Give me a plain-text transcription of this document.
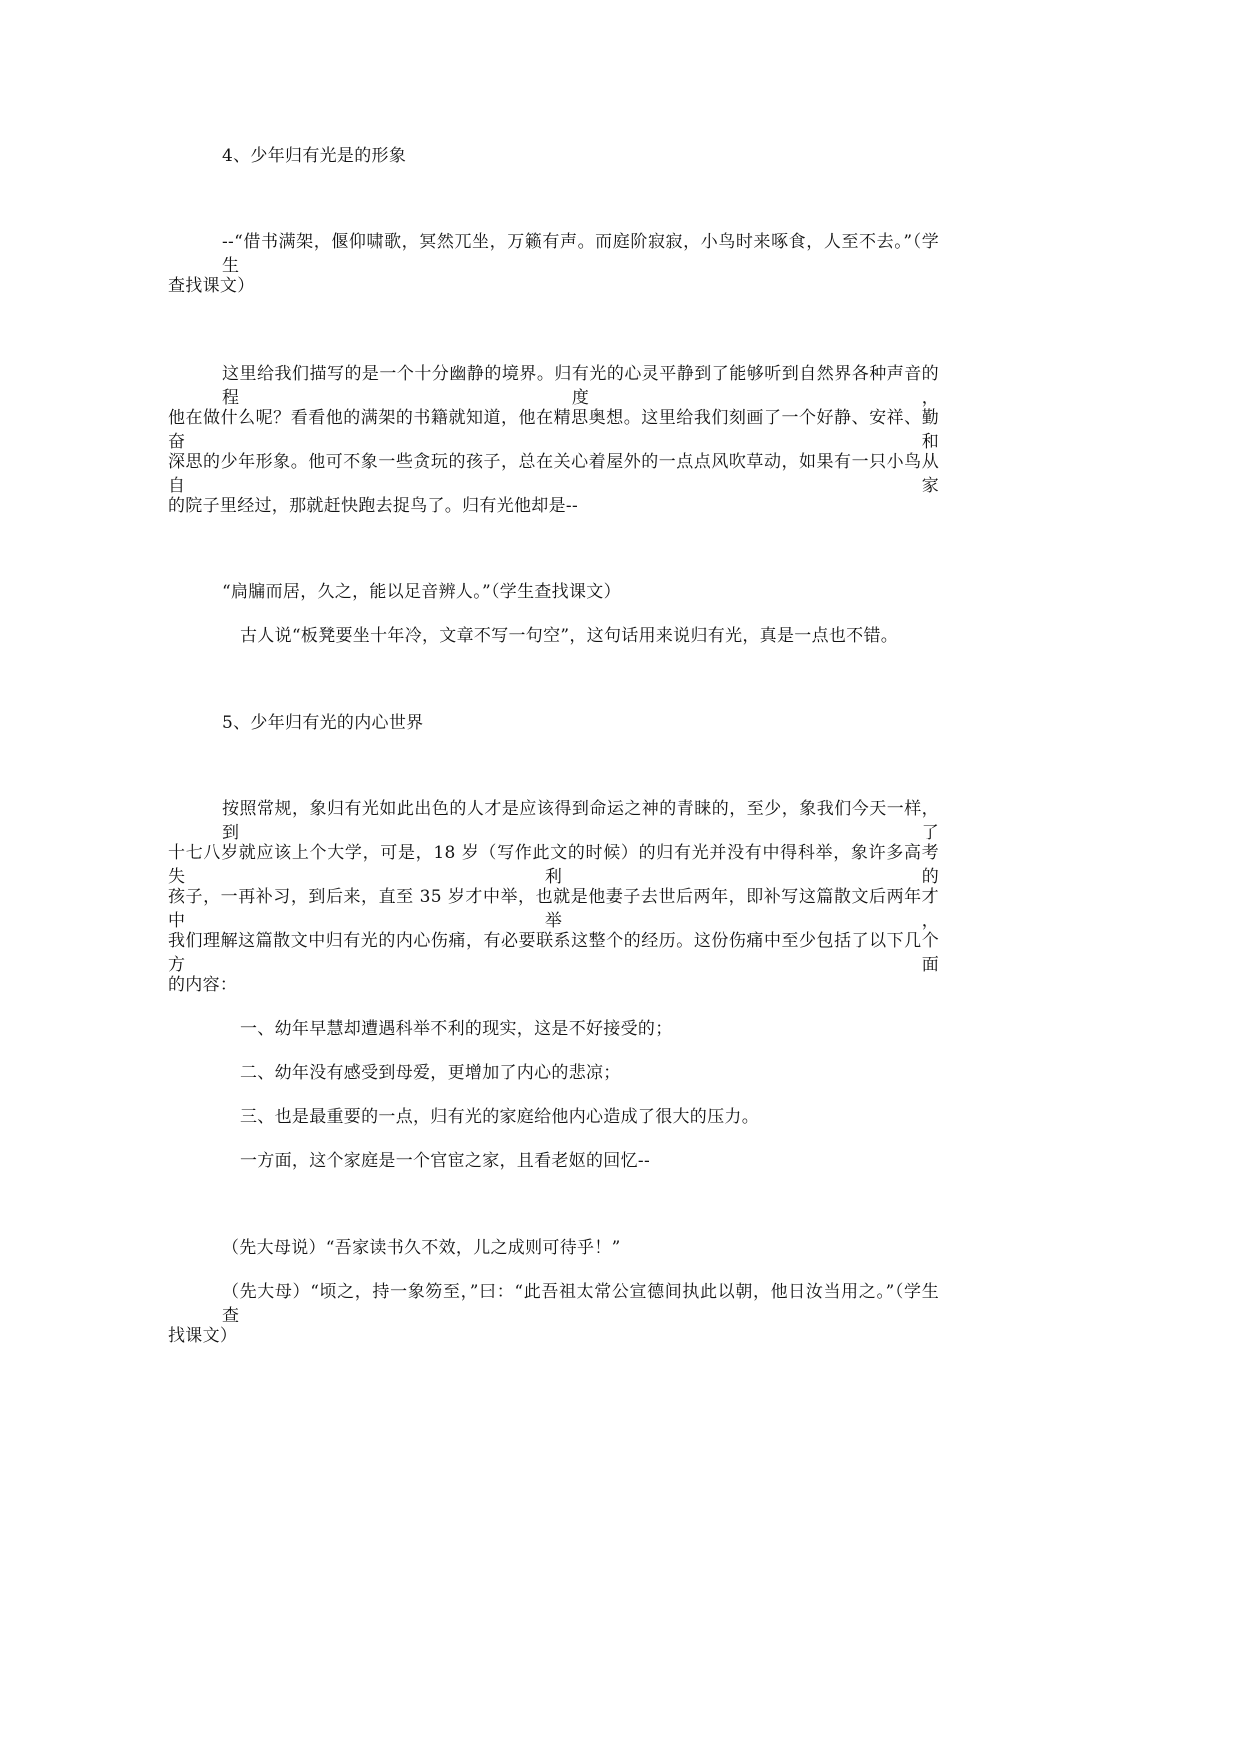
4、少年归有光是的形象
--“借书满架，偃仰啸歌，冥然兀坐，万籁有声。而庭阶寂寂，小鸟时来啄食，人至不去。”（学生
查找课文）
这里给我们描写的是一个十分幽静的境界。归有光的心灵平静到了能够听到自然界各种声音的程度，
他在做什么呢？看看他的满架的书籍就知道，他在精思奥想。这里给我们刻画了一个好静、安祥、勤奋和
深思的少年形象。他可不象一些贪玩的孩子，总在关心着屋外的一点点风吹草动，如果有一只小鸟从自家
的院子里经过，那就赶快跑去捉鸟了。归有光他却是--
“扃牖而居，久之，能以足音辨人。”（学生查找课文）
古人说“板凳要坐十年冷，文章不写一句空”，这句话用来说归有光，真是一点也不错。
5、少年归有光的内心世界
按照常规，象归有光如此出色的人才是应该得到命运之神的青睐的，至少，象我们今天一样，到了
十七八岁就应该上个大学，可是，18 岁（写作此文的时候）的归有光并没有中得科举，象许多高考失利的
孩子，一再补习，到后来，直至 35 岁才中举，也就是他妻子去世后两年，即补写这篇散文后两年才中举，
我们理解这篇散文中归有光的内心伤痛，有必要联系这整个的经历。这份伤痛中至少包括了以下几个方面
的内容：
一、幼年早慧却遭遇科举不利的现实，这是不好接受的；
二、幼年没有感受到母爱，更增加了内心的悲凉；
三、也是最重要的一点，归有光的家庭给他内心造成了很大的压力。
一方面，这个家庭是一个官宦之家，且看老妪的回忆--
（先大母说）“吾家读书久不效，儿之成则可待乎！”
（先大母）“顷之，持一象笏至，”曰：“此吾祖太常公宣德间执此以朝，他日汝当用之。”（学生查
找课文）
